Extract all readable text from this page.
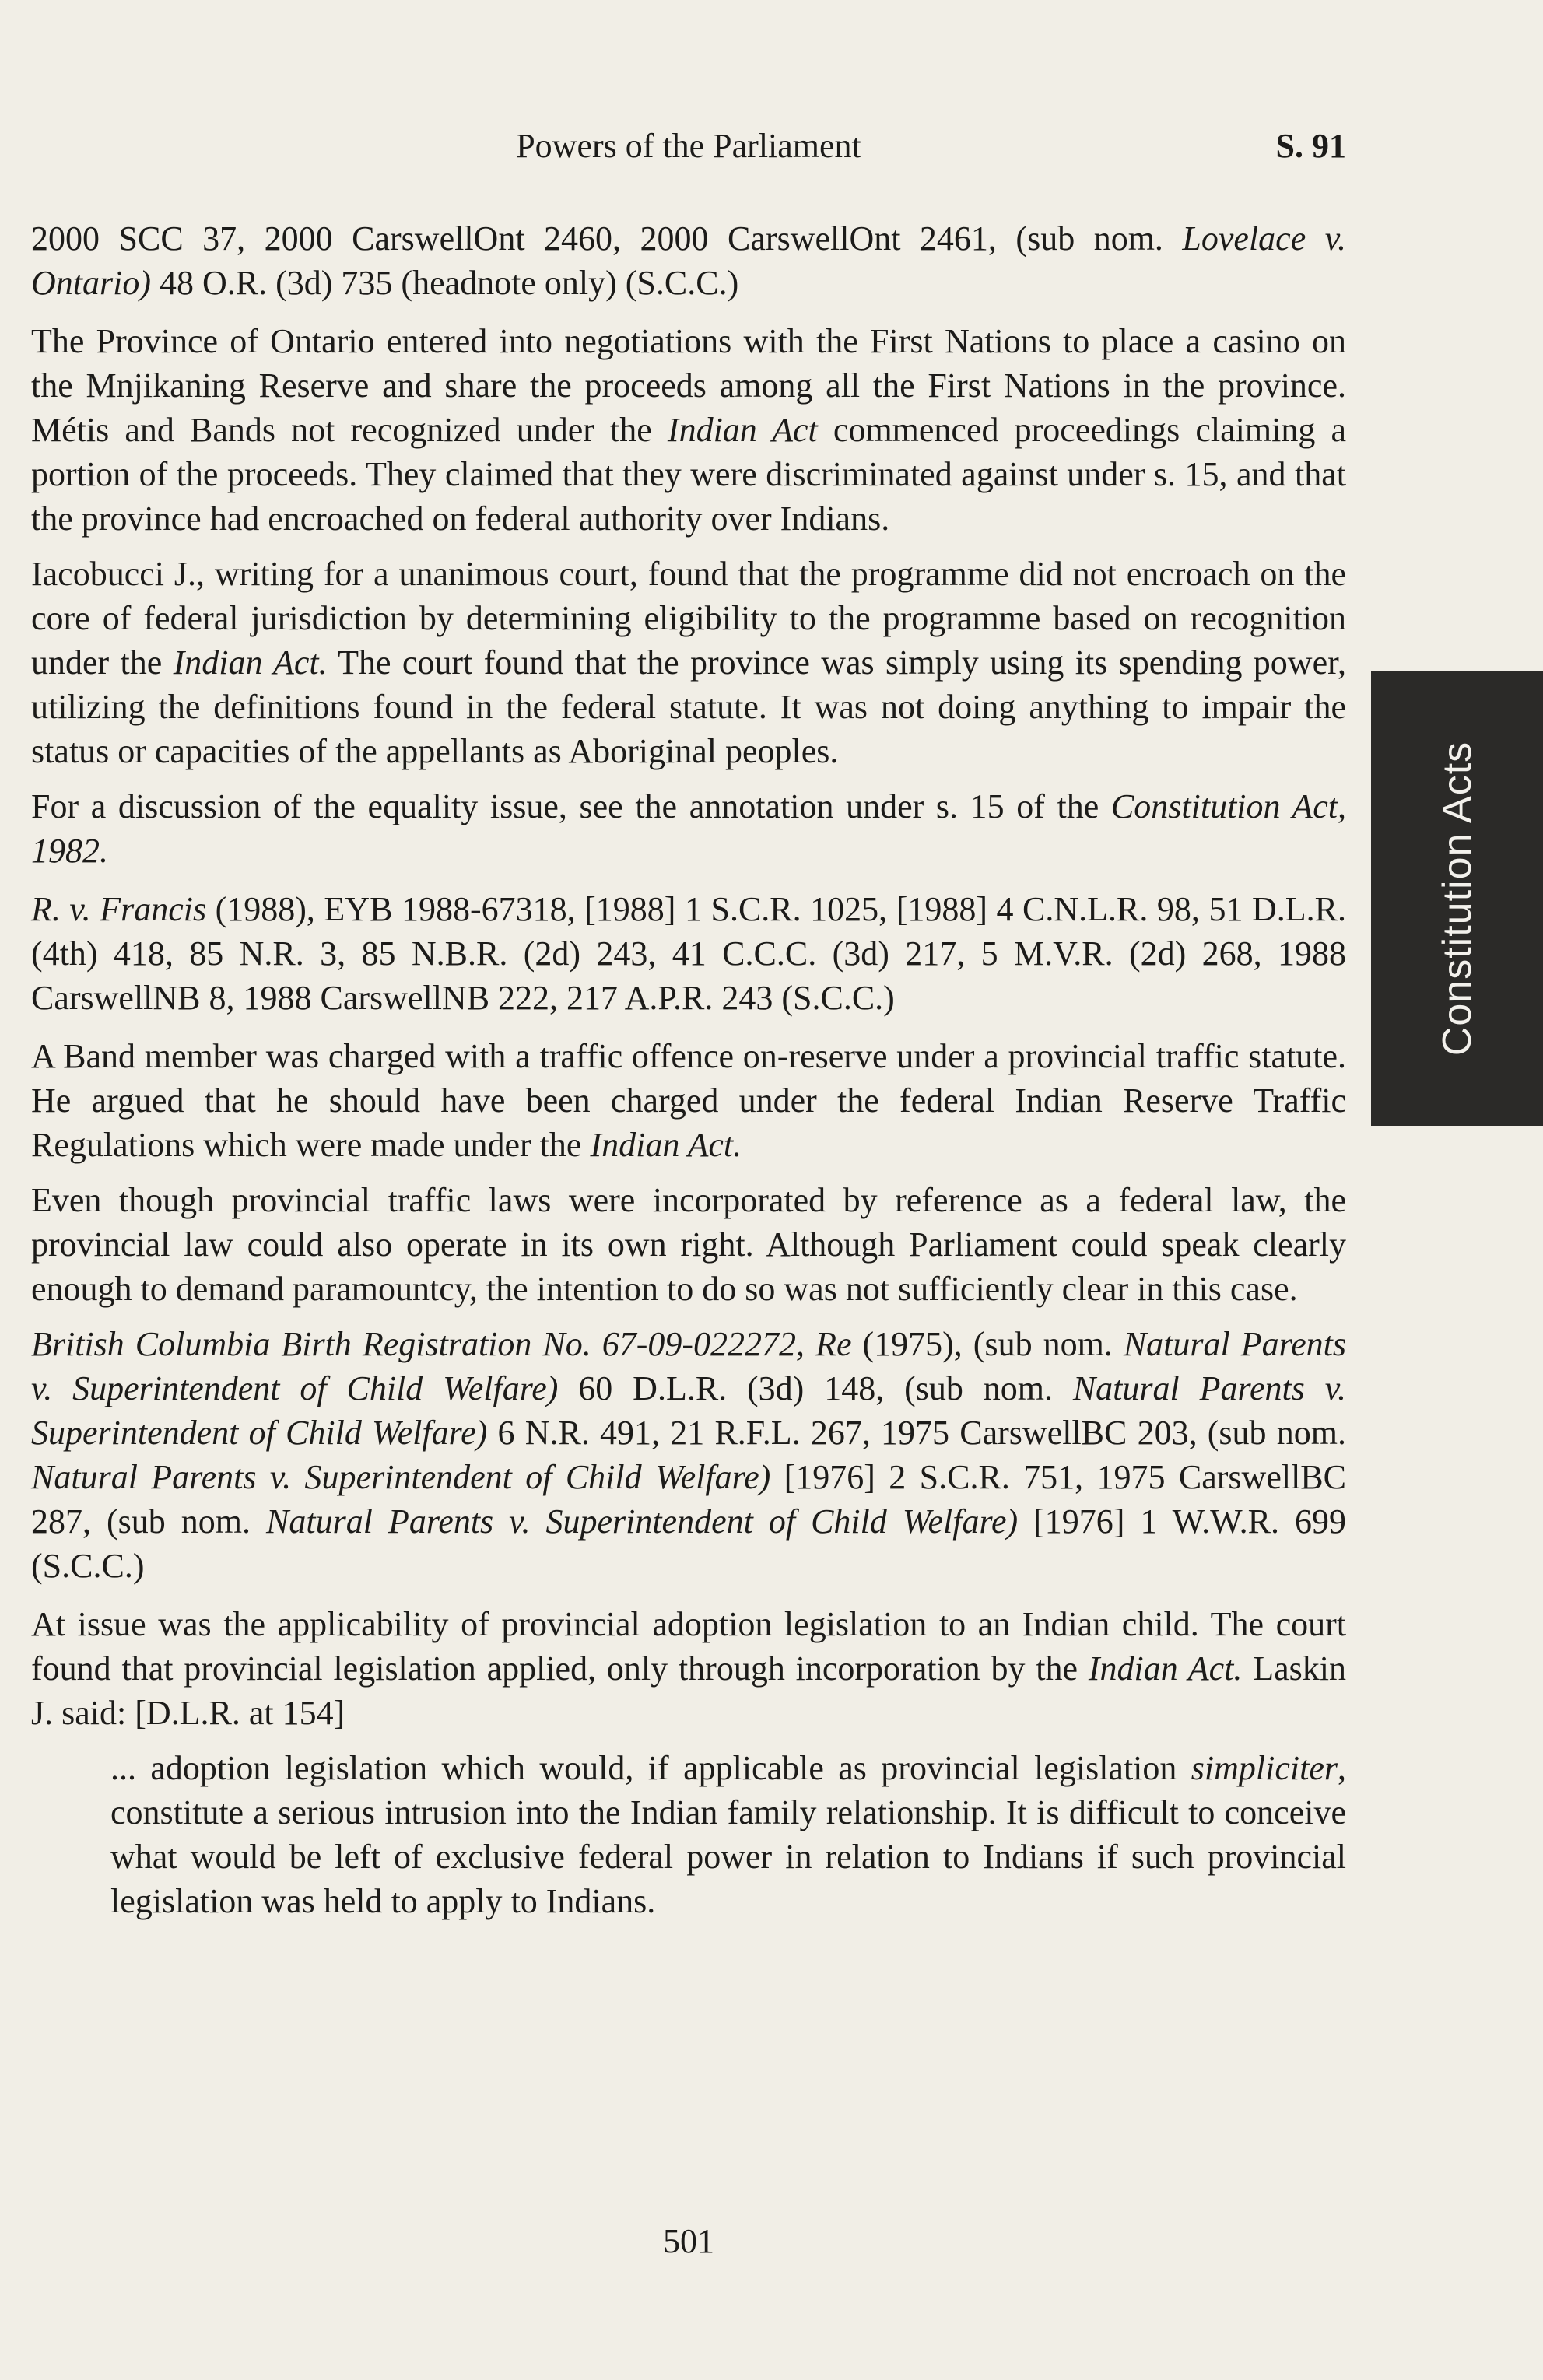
Powers of the Parliament	S. 91

2000 SCC 37, 2000 CarswellOnt 2460, 2000 CarswellOnt 2461, (sub nom. Lovelace v. Ontario) 48 O.R. (3d) 735 (headnote only) (S.C.C.)

The Province of Ontario entered into negotiations with the First Nations to place a casino on the Mnjikaning Reserve and share the proceeds among all the First Nations in the province. Métis and Bands not recognized under the Indian Act commenced proceedings claiming a portion of the proceeds. They claimed that they were discriminated against under s. 15, and that the province had encroached on federal authority over Indians.

Iacobucci J., writing for a unanimous court, found that the programme did not encroach on the core of federal jurisdiction by determining eligibility to the programme based on recognition under the Indian Act. The court found that the province was simply using its spending power, utilizing the definitions found in the federal statute. It was not doing anything to impair the status or capacities of the appellants as Aboriginal peoples.

For a discussion of the equality issue, see the annotation under s. 15 of the Constitution Act, 1982.

R. v. Francis (1988), EYB 1988-67318, [1988] 1 S.C.R. 1025, [1988] 4 C.N.L.R. 98, 51 D.L.R. (4th) 418, 85 N.R. 3, 85 N.B.R. (2d) 243, 41 C.C.C. (3d) 217, 5 M.V.R. (2d) 268, 1988 CarswellNB 8, 1988 CarswellNB 222, 217 A.P.R. 243 (S.C.C.)

A Band member was charged with a traffic offence on-reserve under a provincial traffic statute. He argued that he should have been charged under the federal Indian Reserve Traffic Regulations which were made under the Indian Act.

Even though provincial traffic laws were incorporated by reference as a federal law, the provincial law could also operate in its own right. Although Parliament could speak clearly enough to demand paramountcy, the intention to do so was not sufficiently clear in this case.

British Columbia Birth Registration No. 67-09-022272, Re (1975), (sub nom. Natural Parents v. Superintendent of Child Welfare) 60 D.L.R. (3d) 148, (sub nom. Natural Parents v. Superintendent of Child Welfare) 6 N.R. 491, 21 R.F.L. 267, 1975 CarswellBC 203, (sub nom. Natural Parents v. Superintendent of Child Welfare) [1976] 2 S.C.R. 751, 1975 CarswellBC 287, (sub nom. Natural Parents v. Superintendent of Child Welfare) [1976] 1 W.W.R. 699 (S.C.C.)

At issue was the applicability of provincial adoption legislation to an Indian child. The court found that provincial legislation applied, only through incorporation by the Indian Act. Laskin J. said: [D.L.R. at 154]

... adoption legislation which would, if applicable as provincial legislation simpliciter, constitute a serious intrusion into the Indian family relationship. It is difficult to conceive what would be left of exclusive federal power in relation to Indians if such provincial legislation was held to apply to Indians.

Constitution Acts
501
